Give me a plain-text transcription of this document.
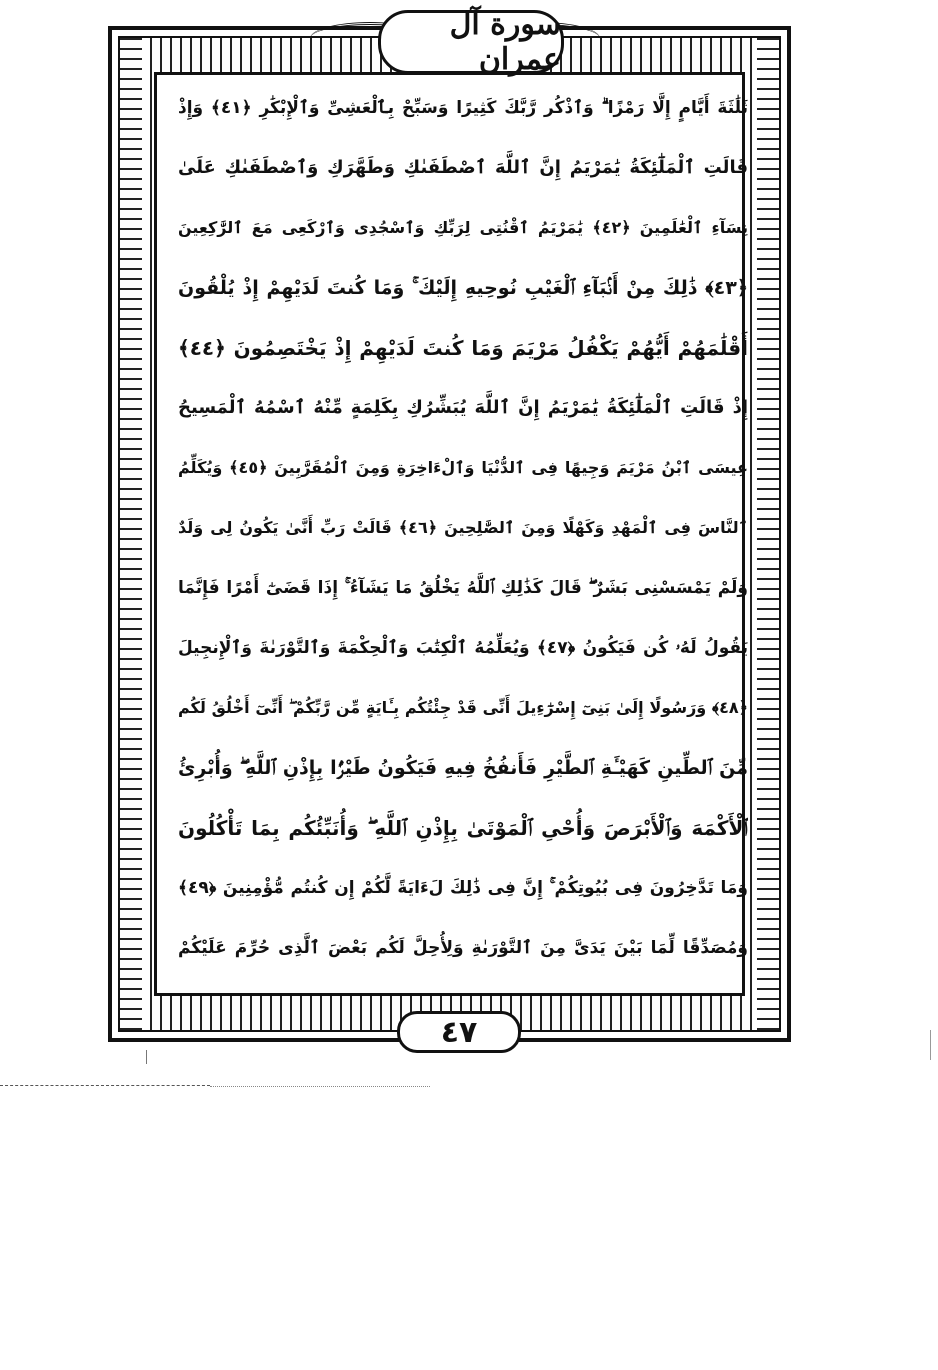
سورة آل عمران
ثَلَٰثَةَ أَيَّامٍ إِلَّا رَمْزًا ۗ وَٱذْكُر رَّبَّكَ كَثِيرًا وَسَبِّحْ بِٱلْعَشِىِّ وَٱلْإِبْكَٰرِ ﴿٤١﴾ وَإِذْ
قَالَتِ ٱلْمَلَٰٓئِكَةُ يَٰمَرْيَمُ إِنَّ ٱللَّهَ ٱصْطَفَىٰكِ وَطَهَّرَكِ وَٱصْطَفَىٰكِ عَلَىٰ
نِسَآءِ ٱلْعَٰلَمِينَ ﴿٤٢﴾ يَٰمَرْيَمُ ٱقْنُتِى لِرَبِّكِ وَٱسْجُدِى وَٱرْكَعِى مَعَ ٱلرَّٰكِعِينَ
﴿٤٣﴾ ذَٰلِكَ مِنْ أَنۢبَآءِ ٱلْغَيْبِ نُوحِيهِ إِلَيْكَ ۚ وَمَا كُنتَ لَدَيْهِمْ إِذْ يُلْقُونَ
أَقْلَٰمَهُمْ أَيُّهُمْ يَكْفُلُ مَرْيَمَ وَمَا كُنتَ لَدَيْهِمْ إِذْ يَخْتَصِمُونَ ﴿٤٤﴾
إِذْ قَالَتِ ٱلْمَلَٰٓئِكَةُ يَٰمَرْيَمُ إِنَّ ٱللَّهَ يُبَشِّرُكِ بِكَلِمَةٍ مِّنْهُ ٱسْمُهُ ٱلْمَسِيحُ
عِيسَى ٱبْنُ مَرْيَمَ وَجِيهًا فِى ٱلدُّنْيَا وَٱلْءَاخِرَةِ وَمِنَ ٱلْمُقَرَّبِينَ ﴿٤٥﴾ وَيُكَلِّمُ
ٱلنَّاسَ فِى ٱلْمَهْدِ وَكَهْلًا وَمِنَ ٱلصَّٰلِحِينَ ﴿٤٦﴾ قَالَتْ رَبِّ أَنَّىٰ يَكُونُ لِى وَلَدٌ
وَلَمْ يَمْسَسْنِى بَشَرٌ ۖ قَالَ كَذَٰلِكِ ٱللَّهُ يَخْلُقُ مَا يَشَآءُ ۚ إِذَا قَضَىٰٓ أَمْرًا فَإِنَّمَا
يَقُولُ لَهُۥ كُن فَيَكُونُ ﴿٤٧﴾ وَيُعَلِّمُهُ ٱلْكِتَٰبَ وَٱلْحِكْمَةَ وَٱلتَّوْرَىٰةَ وَٱلْإِنجِيلَ
﴿٤٨﴾ وَرَسُولًا إِلَىٰ بَنِىٓ إِسْرَٰٓءِيلَ أَنِّى قَدْ جِئْتُكُم بِـَٔايَةٍ مِّن رَّبِّكُمْ ۖ أَنِّىٓ أَخْلُقُ لَكُم
مِّنَ ٱلطِّينِ كَهَيْـَٔةِ ٱلطَّيْرِ فَأَنفُخُ فِيهِ فَيَكُونُ طَيْرًۢا بِإِذْنِ ٱللَّهِ ۖ وَأُبْرِئُ
ٱلْأَكْمَهَ وَٱلْأَبْرَصَ وَأُحْىِ ٱلْمَوْتَىٰ بِإِذْنِ ٱللَّهِ ۖ وَأُنَبِّئُكُم بِمَا تَأْكُلُونَ
وَمَا تَدَّخِرُونَ فِى بُيُوتِكُمْ ۚ إِنَّ فِى ذَٰلِكَ لَءَايَةً لَّكُمْ إِن كُنتُم مُّؤْمِنِينَ ﴿٤٩﴾
وَمُصَدِّقًا لِّمَا بَيْنَ يَدَىَّ مِنَ ٱلتَّوْرَىٰةِ وَلِأُحِلَّ لَكُم بَعْضَ ٱلَّذِى حُرِّمَ عَلَيْكُمْ
٤٧
